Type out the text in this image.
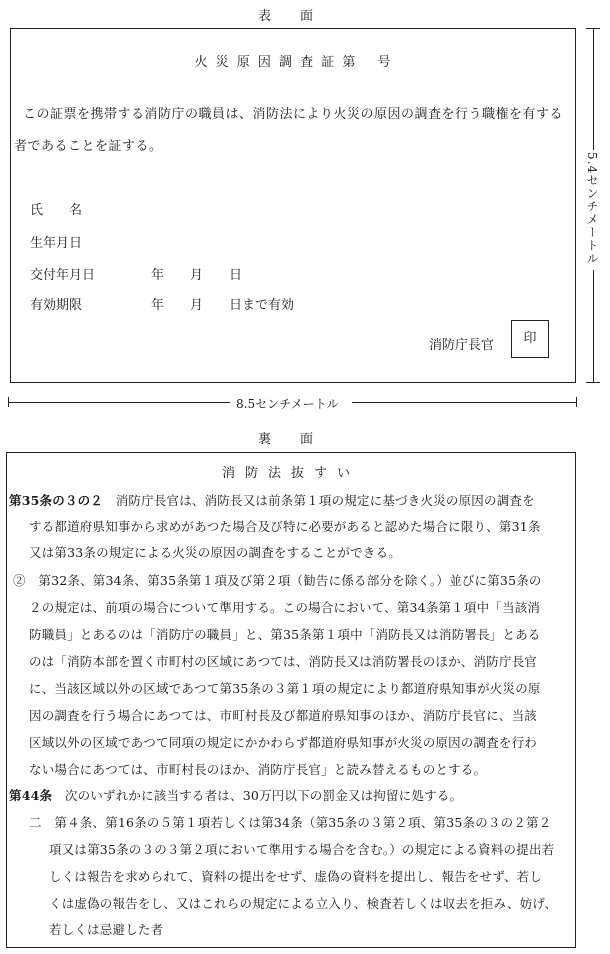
表　　面
火 災 原 因 調 査 証 第　 号
この証票を携帯する消防庁の職員は、消防法により火災の原因の調査を行う職権を有する
者であることを証する。
氏　　名
生年月日
交付年月日	年　　月　　日
有効期限	年　　月　　日まで有効
消防庁長官	印
5.4センチメートル
8.5センチメートル
裏　　面
消防法抜すい
第35条の３の２　消防庁長官は、消防長又は前条第１項の規定に基づき火災の原因の調査を
する都道府県知事から求めがあつた場合及び特に必要があると認めた場合に限り、第31条
又は第33条の規定による火災の原因の調査をすることができる。
②　第32条、第34条、第35条第１項及び第２項（勧告に係る部分を除く。）並びに第35条の
２の規定は、前項の場合について準用する。この場合において、第34条第１項中「当該消
防職員」とあるのは「消防庁の職員」と、第35条第１項中「消防長又は消防署長」とある
のは「消防本部を置く市町村の区域にあつては、消防長又は消防署長のほか、消防庁長官
に、当該区域以外の区域であつて第35条の３第１項の規定により都道府県知事が火災の原
因の調査を行う場合にあつては、市町村長及び都道府県知事のほか、消防庁長官に、当該
区域以外の区域であつて同項の規定にかかわらず都道府県知事が火災の原因の調査を行わ
ない場合にあつては、市町村長のほか、消防庁長官」と読み替えるものとする。
第44条　次のいずれかに該当する者は、30万円以下の罰金又は拘留に処する。
二　第４条、第16条の５第１項若しくは第34条（第35条の３第２項、第35条の３の２第２
項又は第35条の３の３第２項において準用する場合を含む。）の規定による資料の提出若
しくは報告を求められて、資料の提出をせず、虚偽の資料を提出し、報告をせず、若し
くは虚偽の報告をし、又はこれらの規定による立入り、検査若しくは収去を拒み、妨げ、
若しくは忌避した者
